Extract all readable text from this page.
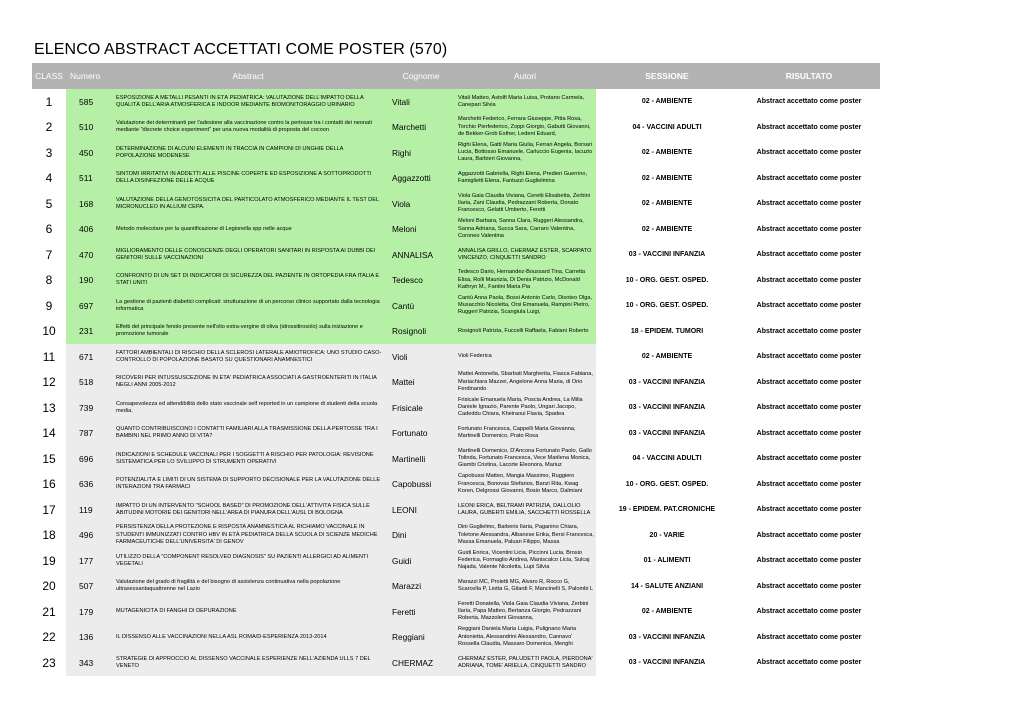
ELENCO ABSTRACT ACCETTATI COME POSTER (570)
CLASS	Numero	Abstract	Cognome	Autori	SESSIONE	RISULTATO
1	585	ESPOSIZIONE A METALLI PESANTI IN ETÀ PEDIATRICA: VALUTAZIONE DELL'IMPATTO DELLA QUALITÀ DELL'ARIA ATMOSFERICA E INDOOR MEDIANTE BIOMONITORAGGIO URINARIO	Vitali	Vitali Matteo, Astolfi Maria Luisa, Protano Carmela, Canepari Silvia	02 - AMBIENTE	Abstract accettato come poster
2	510	Valutazione dei determinanti per l'adesione alla vaccinazione contro la pertosse tra i contatti dei neonati mediante "discrete choice experiment" per una nuova modalità di proposta del cocoon	Marchetti	Marchetti Federico, Ferrara Giuseppe, Pitta Rosa, Torchio Pierfederico, Zoppi Giorgio, Gabutti Giovanni, de Bekker-Grob Esther, Ledent Eduard,	04 - VACCINI ADULTI	Abstract accettato come poster
3	450	DETERMINAZIONE DI ALCUNI ELEMENTI IN TRACCIA IN CAMPIONI DI UNGHIE DELLA POPOLAZIONE MODENESE	Righi	Righi Elena, Gatti Maria Giulia, Ferrari Angela, Borsari Lucia, Bottosso Emanuele, Carluccio Eugenia, Iacuzio Laura, Barbieri Giovanna,	02 - AMBIENTE	Abstract accettato come poster
4	511	SINTOMI IRRITATIVI IN ADDETTI ALLE PISCINE COPERTE ED ESPOSIZIONE A SOTTOPRODOTTI DELLA DISINFEZIONE DELLE ACQUE	Aggazzotti	Aggazzotti Gabriella, Righi Elena, Predieri Guerrino, Famiglietti Elena, Fantuzzi Guglielmina	02 - AMBIENTE	Abstract accettato come poster
5	168	VALUTAZIONE DELLA GENOTOSSICITÀ DEL PARTICOLATO ATMOSFERICO MEDIANTE IL TEST DEL MICRONUCLEO IN ALLIUM CEPA.	Viola	Viola Gaia Claudia Viviana, Ceretti Elisabetta, Zerbini Ilaria, Zani Claudia, Pedrazzani Roberta, Donato Francesco, Gelatti Umberto, Feretti	02 - AMBIENTE	Abstract accettato come poster
6	406	Metodo molecolare per la quantificazione di Legionella spp nelle acque	Meloni	Meloni Barbara, Sanna Clara, Ruggeri Alessandra, Sanna Adriana, Succa Sara, Carraro Valentina, Coroneo Valentina	02 - AMBIENTE	Abstract accettato come poster
7	470	MIGLIORAMENTO DELLE CONOSCENZE DEGLI OPERATORI SANITARI IN RISPOSTA AI DUBBI DEI GENITORI SULLE VACCINAZIONI	ANNALISA	ANNALISA GRILLO, CHERMAZ ESTER, SCARPATO VINCENZO, CINQUETTI SANDRO	03 - VACCINI INFANZIA	Abstract accettato come poster
8	190	CONFRONTO DI UN SET DI INDICATORI DI SICUREZZA DEL PAZIENTE IN ORTOPEDIA FRA ITALIA E STATI UNITI	Tedesco	Tedesco Dario, Hernandez-Boussard Tina, Carretta Elisa, Rolli Maurizia, Di Denia Patrizio, McDonald Kathryn M., Fantini Maria Pia	10 - ORG. GEST. OSPED.	Abstract accettato come poster
9	697	La gestione di pazienti diabetici complicati: strutturazione di un percorso clinico supportato dalla tecnologia informatica	Cantù	Cantù Anna Paola, Bossi Antonio Carlo, Disoteo Olga, Musacchio Nicoletta, Orsi Emanuela, Rampini Pietro, Ruggeri Patrizia, Scangiula Luigi,	10 - ORG. GEST. OSPED.	Abstract accettato come poster
10	231	Effetti del principale fenolo presente nell'olio extra-vergine di oliva (idrossitirosolo) sulla iniziazione e promozione tumorale	Rosignoli	Rosignoli Patrizia, Fuccelli Raffaela, Fabiani Roberto	18 - EPIDEM. TUMORI	Abstract accettato come poster
11	671	FATTORI AMBIENTALI DI RISCHIO DELLA SCLEROSI LATERALE AMIOTROFICA: UNO STUDIO CASO-CONTROLLO DI POPOLAZIONE BASATO SU QUESTIONARI ANAMNESTICI	Violi	Violi Federica	02 - AMBIENTE	Abstract accettato come poster
12	518	RICOVERI PER INTUSSUSCEZIONE IN ETA' PEDIATRICA ASSOCIATI A GASTROENTERITI IN ITALIA NEGLI ANNI 2005-2012	Mattei	Mattei Antonella, Sbarbati Margherita, Fiasca Fabiana, Mariachiara Mazzei, Angelone Anna Maria, di Orio Ferdinando	03 - VACCINI INFANZIA	Abstract accettato come poster
13	739	Consapevolezza ed attendibilità dello stato vaccinale self reported in un campione di studenti della scuola media.	Frisicale	Frisicale Emanuela Maria, Poscia Andrea, La Milia Daniele Ignazio, Parente Paolo, Ungari Jacopo, Cadeddu Chiara, Kheiraoui Flavia, Spadea	03 - VACCINI INFANZIA	Abstract accettato come poster
14	787	QUANTO CONTRIBUISCONO I CONTATTI FAMILIARI ALLA TRASMISSIONE DELLA PERTOSSE TRA I BAMBINI NEL PRIMO ANNO DI VITA?	Fortunato	Fortunato Francesca, Cappelli Maria Giovanna, Martinelli Domenico, Prato Rosa	03 - VACCINI INFANZIA	Abstract accettato come poster
15	696	INDICAZIONI E SCHEDULE VACCINALI PER I SOGGETTI A RISCHIO PER PATOLOGIA: REVISIONE SISTEMATICA PER LO SVILUPPO DI STRUMENTI OPERATIVI	Martinelli	Martinelli Domenico, D'Ancona Fortunato Paolo, Gallo Tolinda, Fortunato Francesca, Vece Marilena Monica, Giambi Cristina, Lacorte Eleonora, Mariuz	04 - VACCINI ADULTI	Abstract accettato come poster
16	636	POTENZIALITÀ E LIMITI DI UN SISTEMA DI SUPPORTO DECISIONALE PER LA VALUTAZIONE DELLE INTERAZIONI TRA FARMACI	Capobussi	Capobussi Matteo, Mangia Massimo, Ruggiero Francesca, Bonovas Stefanos, Banzi Rita, Kwag Koren, Delgrossi Giovanni, Bosio Marco, Dalmiani	10 - ORG. GEST. OSPED.	Abstract accettato come poster
17	119	IMPATTO DI UN INTERVENTO "SCHOOL BASED" DI PROMOZIONE DELL'ATTIVITÀ FISICA SULLE ABITUDINI MOTORIE DEI GENITORI NELL'AREA DI PIANURA DELL'AUSL DI BOLOGNA	LEONI	LEONI ERICA, BELTRAMI PATRIZIA, DALLOLIO LAURA, GUBERTI EMILIA, SACCHETTI ROSSELLA	19 - EPIDEM. PAT.CRONICHE	Abstract accettato come poster
18	496	PERSISTENZA DELLA PROTEZIONE E RISPOSTA ANAMNESTICA AL RICHIAMO VACCINALE IN STUDENTI IMMUNIZZATI CONTRO HBV IN ETÀ PEDIATRICA DELLA SCUOLA DI SCIENZE MEDICHE FARMACEUTICHE DELL'UNIVERSITA' DI GENOV	Dini	Dini Guglielmo, Barberis Ilaria, Paganino Chiara, Toletone Alessandra, Albanese Erika, Bersi Francesca, Massa Emanuela, Paluan Filippo, Massa	20 - VARIE	Abstract accettato come poster
19	177	UTILIZZO DELLA "COMPONENT RESOLVED DIAGNOSIS" SU PAZIENTI ALLERGICI AD ALIMENTI VEGETALI	Guidi	Guidi Enrica, Vicentini Licia, Piccinni Lucia, Brosio Federica, Formaglio Andrea, Maniscalco Licia, Sulcaj Najada, Valente Nicoletta, Lupi Silvia	01 - ALIMENTI	Abstract accettato come poster
20	507	Valutazione del grado di fragilità e del bisogno di assistenza continuativa nella popolazione ultrasessantaquattrenne nel Lazio	Marazzi	Marazzi MC, Proietti MG, Alvaro R, Rocco G, Scarcella P, Liotta G, Gilardi F, Mancinelli S, Palombi L	14 - SALUTE ANZIANI	Abstract accettato come poster
21	179	MUTAGENICITÀ DI FANGHI DI DEPURAZIONE	Feretti	Feretti Donatella, Viola Gaia Claudia Viviana, Zerbini Ilaria, Papa Matteo, Bertanza Giorgio, Pedrazzani Roberta, Mazzoleni Giovanna,	02 - AMBIENTE	Abstract accettato come poster
22	136	IL DISSENSO ALLE VACCINAZIONI NELLA ASL ROMA/D-ESPERIENZA 2013-2014	Reggiani	Reggiani Daniela Maria Luigia, Pulignano Maria Antonietta, Alessandrini Alessandro, Cannavo' Rossella Claudia, Massaro Domenica, Menghi	03 - VACCINI INFANZIA	Abstract accettato come poster
23	343	STRATEGIE DI APPROCCIO AL DISSENSO VACCINALE ESPERIENZE NELL'AZIENDA ULLS 7 DEL VENETO	CHERMAZ	CHERMAZ ESTER, PALUDETTI PAOLA, PIERDONA' ADRIANA, TOME' ARIELLA, CINQUETTI SANDRO	03 - VACCINI INFANZIA	Abstract accettato come poster
